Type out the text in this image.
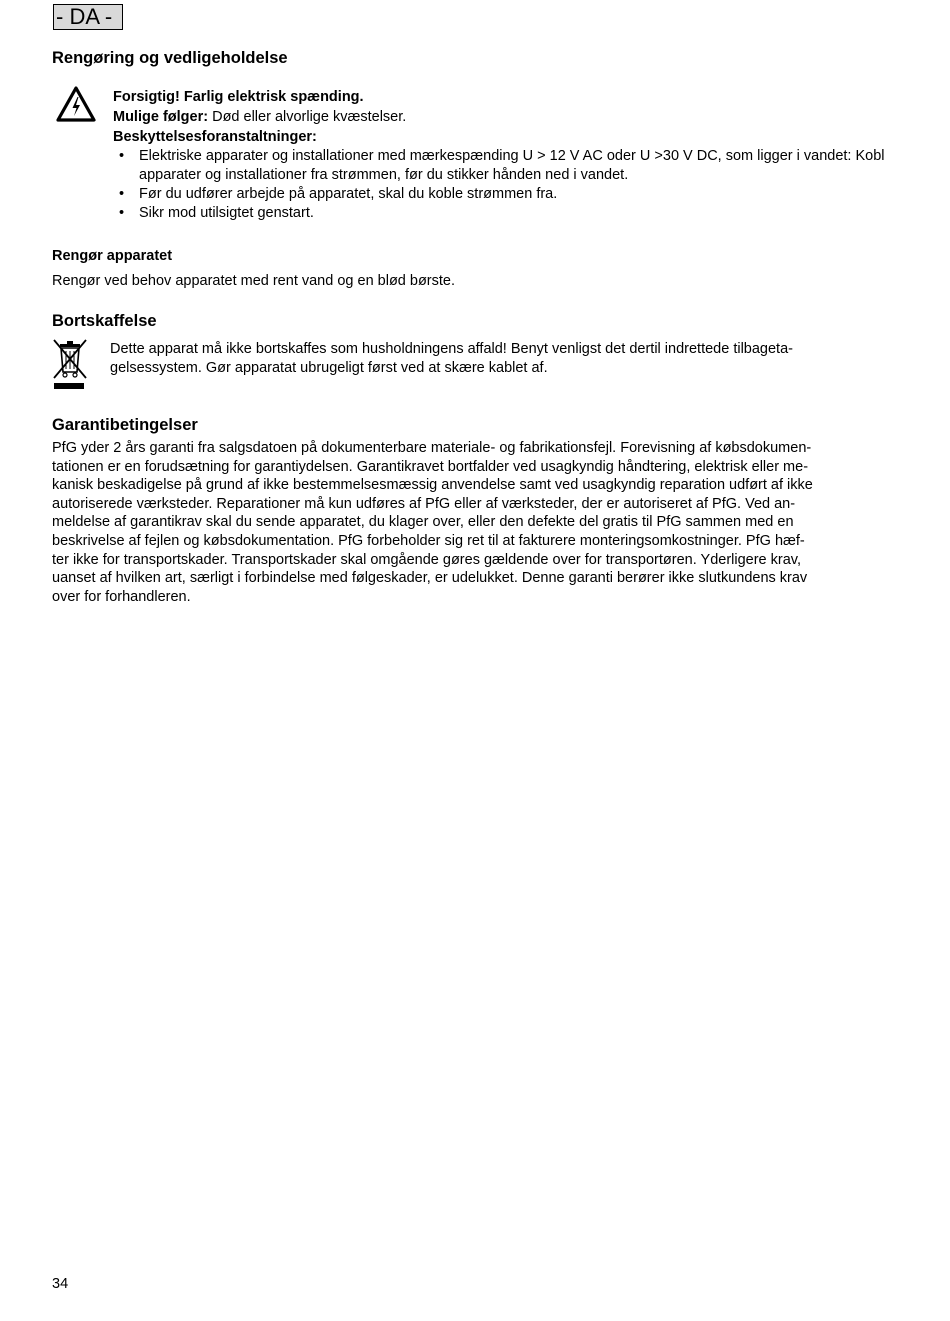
- DA -
Rengøring og vedligeholdelse

Forsigtig! Farlig elektrisk spænding.

Mulige følger: Død eller alvorlige kvæstelser.

Beskyttelsesforanstaltninger:

• Elektriske apparater og installationer med mærkespænding U > 12 V AC oder U >30 V DC, som ligger i vandet: Kobl apparater og installationer fra strømmen, før du stikker hånden ned i vandet.
• Før du udfører arbejde på apparatet, skal du koble strømmen fra.
• Sikr mod utilsigtet genstart.
Rengør apparatet
Rengør ved behov apparatet med rent vand og en blød børste.
Bortskaffelse
Dette apparat må ikke bortskaffes som husholdningens affald! Benyt venligst det dertil indrettede tilbageta-
gelsessystem. Gør apparatat ubrugeligt først ved at skære kablet af.
Garantibetingelser
PfG yder 2 års garanti fra salgsdatoen på dokumenterbare materiale- og fabrikationsfejl. Forevisning af købsdokumen-
tationen er en forudsætning for garantiydelsen. Garantikravet bortfalder ved usagkyndig håndtering, elektrisk eller me-
kanisk beskadigelse på grund af ikke bestemmelsesmæssig anvendelse samt ved usagkyndig reparation udført af ikke
autoriserede værksteder. Reparationer må kun udføres af PfG eller af værksteder, der er autoriseret af PfG. Ved an-
meldelse af garantikrav skal du sende apparatet, du klager over, eller den defekte del gratis til PfG sammen med en
beskrivelse af fejlen og købsdokumentation. PfG forbeholder sig ret til at fakturere monteringsomkostninger. PfG hæf-
ter ikke for transportskader. Transportskader skal omgående gøres gældende over for transportøren. Yderligere krav,
uanset af hvilken art, særligt i forbindelse med følgeskader, er udelukket. Denne garanti berører ikke slutkundens krav
over for forhandleren.
34
